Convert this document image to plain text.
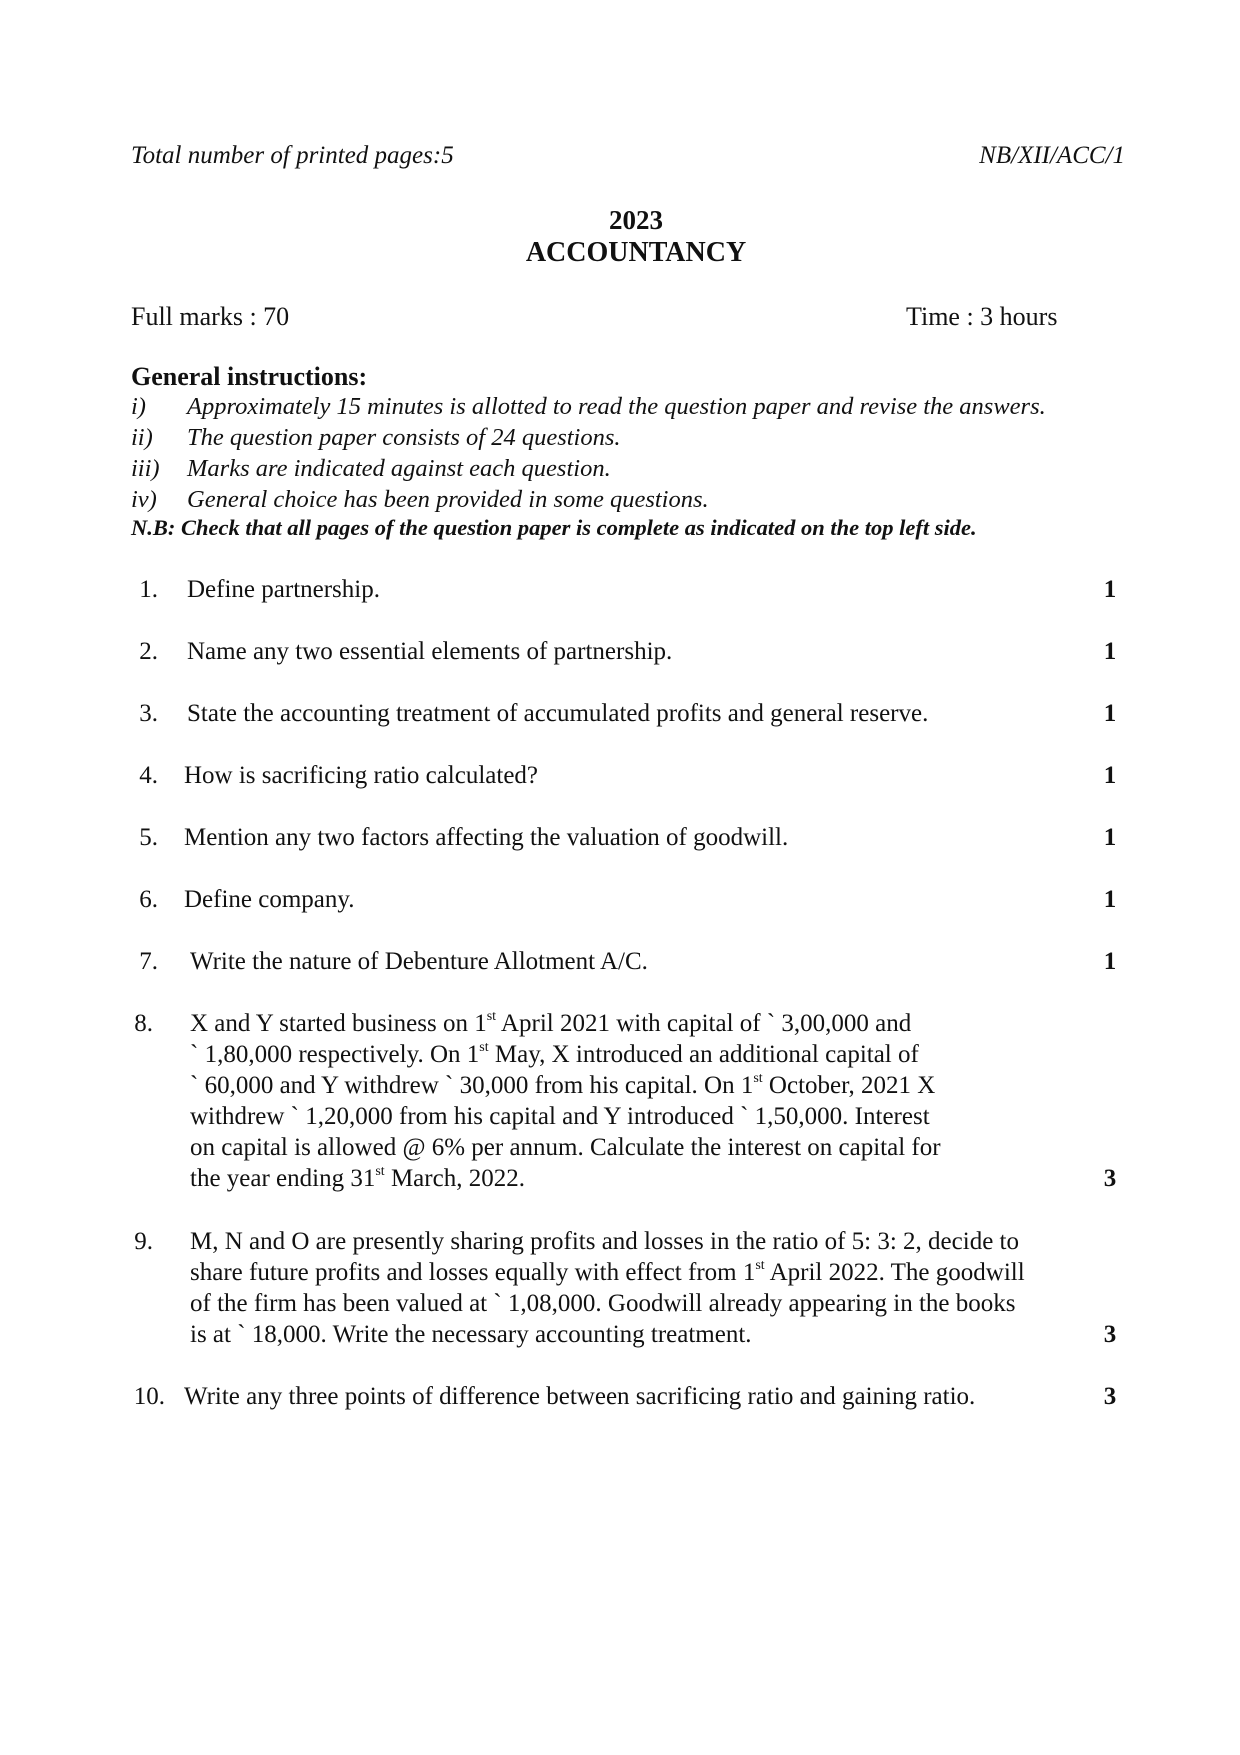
Total number of printed pages:5	NB/XII/ACC/1
2023
ACCOUNTANCY
Full marks : 70	Time : 3 hours
General instructions:
i) Approximately 15 minutes is allotted to read the question paper and revise the answers.
ii) The question paper consists of 24 questions.
iii) Marks are indicated against each question.
iv) General choice has been provided in some questions.
N.B: Check that all pages of the question paper is complete as indicated on the top left side.
1. Define partnership.	1
2. Name any two essential elements of partnership.	1
3. State the accounting treatment of accumulated profits and general reserve.	1
4. How is sacrificing ratio calculated?	1
5. Mention any two factors affecting the valuation of goodwill.	1
6. Define company.	1
7. Write the nature of Debenture Allotment A/C.	1
8. X and Y started business on 1st April 2021 with capital of ` 3,00,000 and
` 1,80,000 respectively. On 1st May, X introduced an additional capital of
` 60,000 and Y withdrew ` 30,000 from his capital. On 1st October, 2021 X
withdrew ` 1,20,000 from his capital and Y introduced ` 1,50,000. Interest
on capital is allowed @ 6% per annum. Calculate the interest on capital for
the year ending 31st March, 2022.	3
9. M, N and O are presently sharing profits and losses in the ratio of 5: 3: 2, decide to
share future profits and losses equally with effect from 1st April 2022. The goodwill
of the firm has been valued at ` 1,08,000. Goodwill already appearing in the books
is at ` 18,000. Write the necessary accounting treatment.	3
10. Write any three points of difference between sacrificing ratio and gaining ratio.	3
